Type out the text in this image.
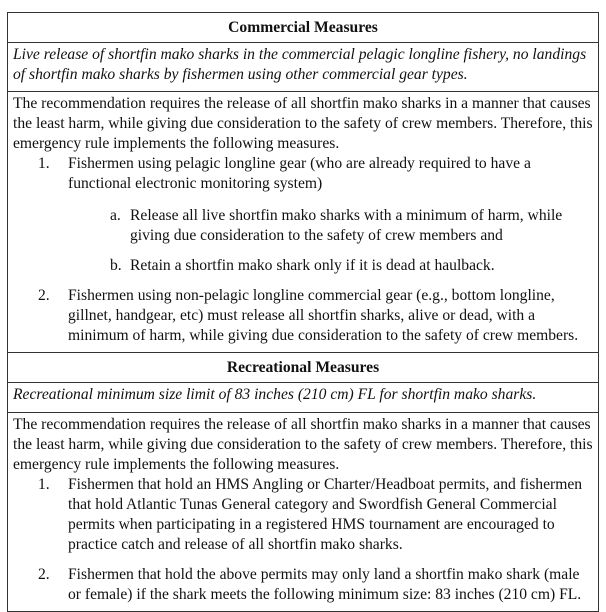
Commercial Measures
Live release of shortfin mako sharks in the commercial pelagic longline fishery, no landings of shortfin mako sharks by fishermen using other commercial gear types.

The recommendation requires the release of all shortfin mako sharks in a manner that causes the least harm, while giving due consideration to the safety of crew members. Therefore, this emergency rule implements the following measures.

1. Fishermen using pelagic longline gear (who are already required to have a functional electronic monitoring system)
a. Release all live shortfin mako sharks with a minimum of harm, while giving due consideration to the safety of crew members and
b. Retain a shortfin mako shark only if it is dead at haulback.
2. Fishermen using non-pelagic longline commercial gear (e.g., bottom longline, gillnet, handgear, etc) must release all shortfin sharks, alive or dead, with a minimum of harm, while giving due consideration to the safety of crew members.

Recreational Measures
Recreational minimum size limit of 83 inches (210 cm) FL for shortfin mako sharks.

The recommendation requires the release of all shortfin mako sharks in a manner that causes the least harm, while giving due consideration to the safety of crew members. Therefore, this emergency rule implements the following measures.

1. Fishermen that hold an HMS Angling or Charter/Headboat permits, and fishermen that hold Atlantic Tunas General category and Swordfish General Commercial permits when participating in a registered HMS tournament are encouraged to practice catch and release of all shortfin mako sharks.
2. Fishermen that hold the above permits may only land a shortfin mako shark (male or female) if the shark meets the following minimum size: 83 inches (210 cm) FL.
